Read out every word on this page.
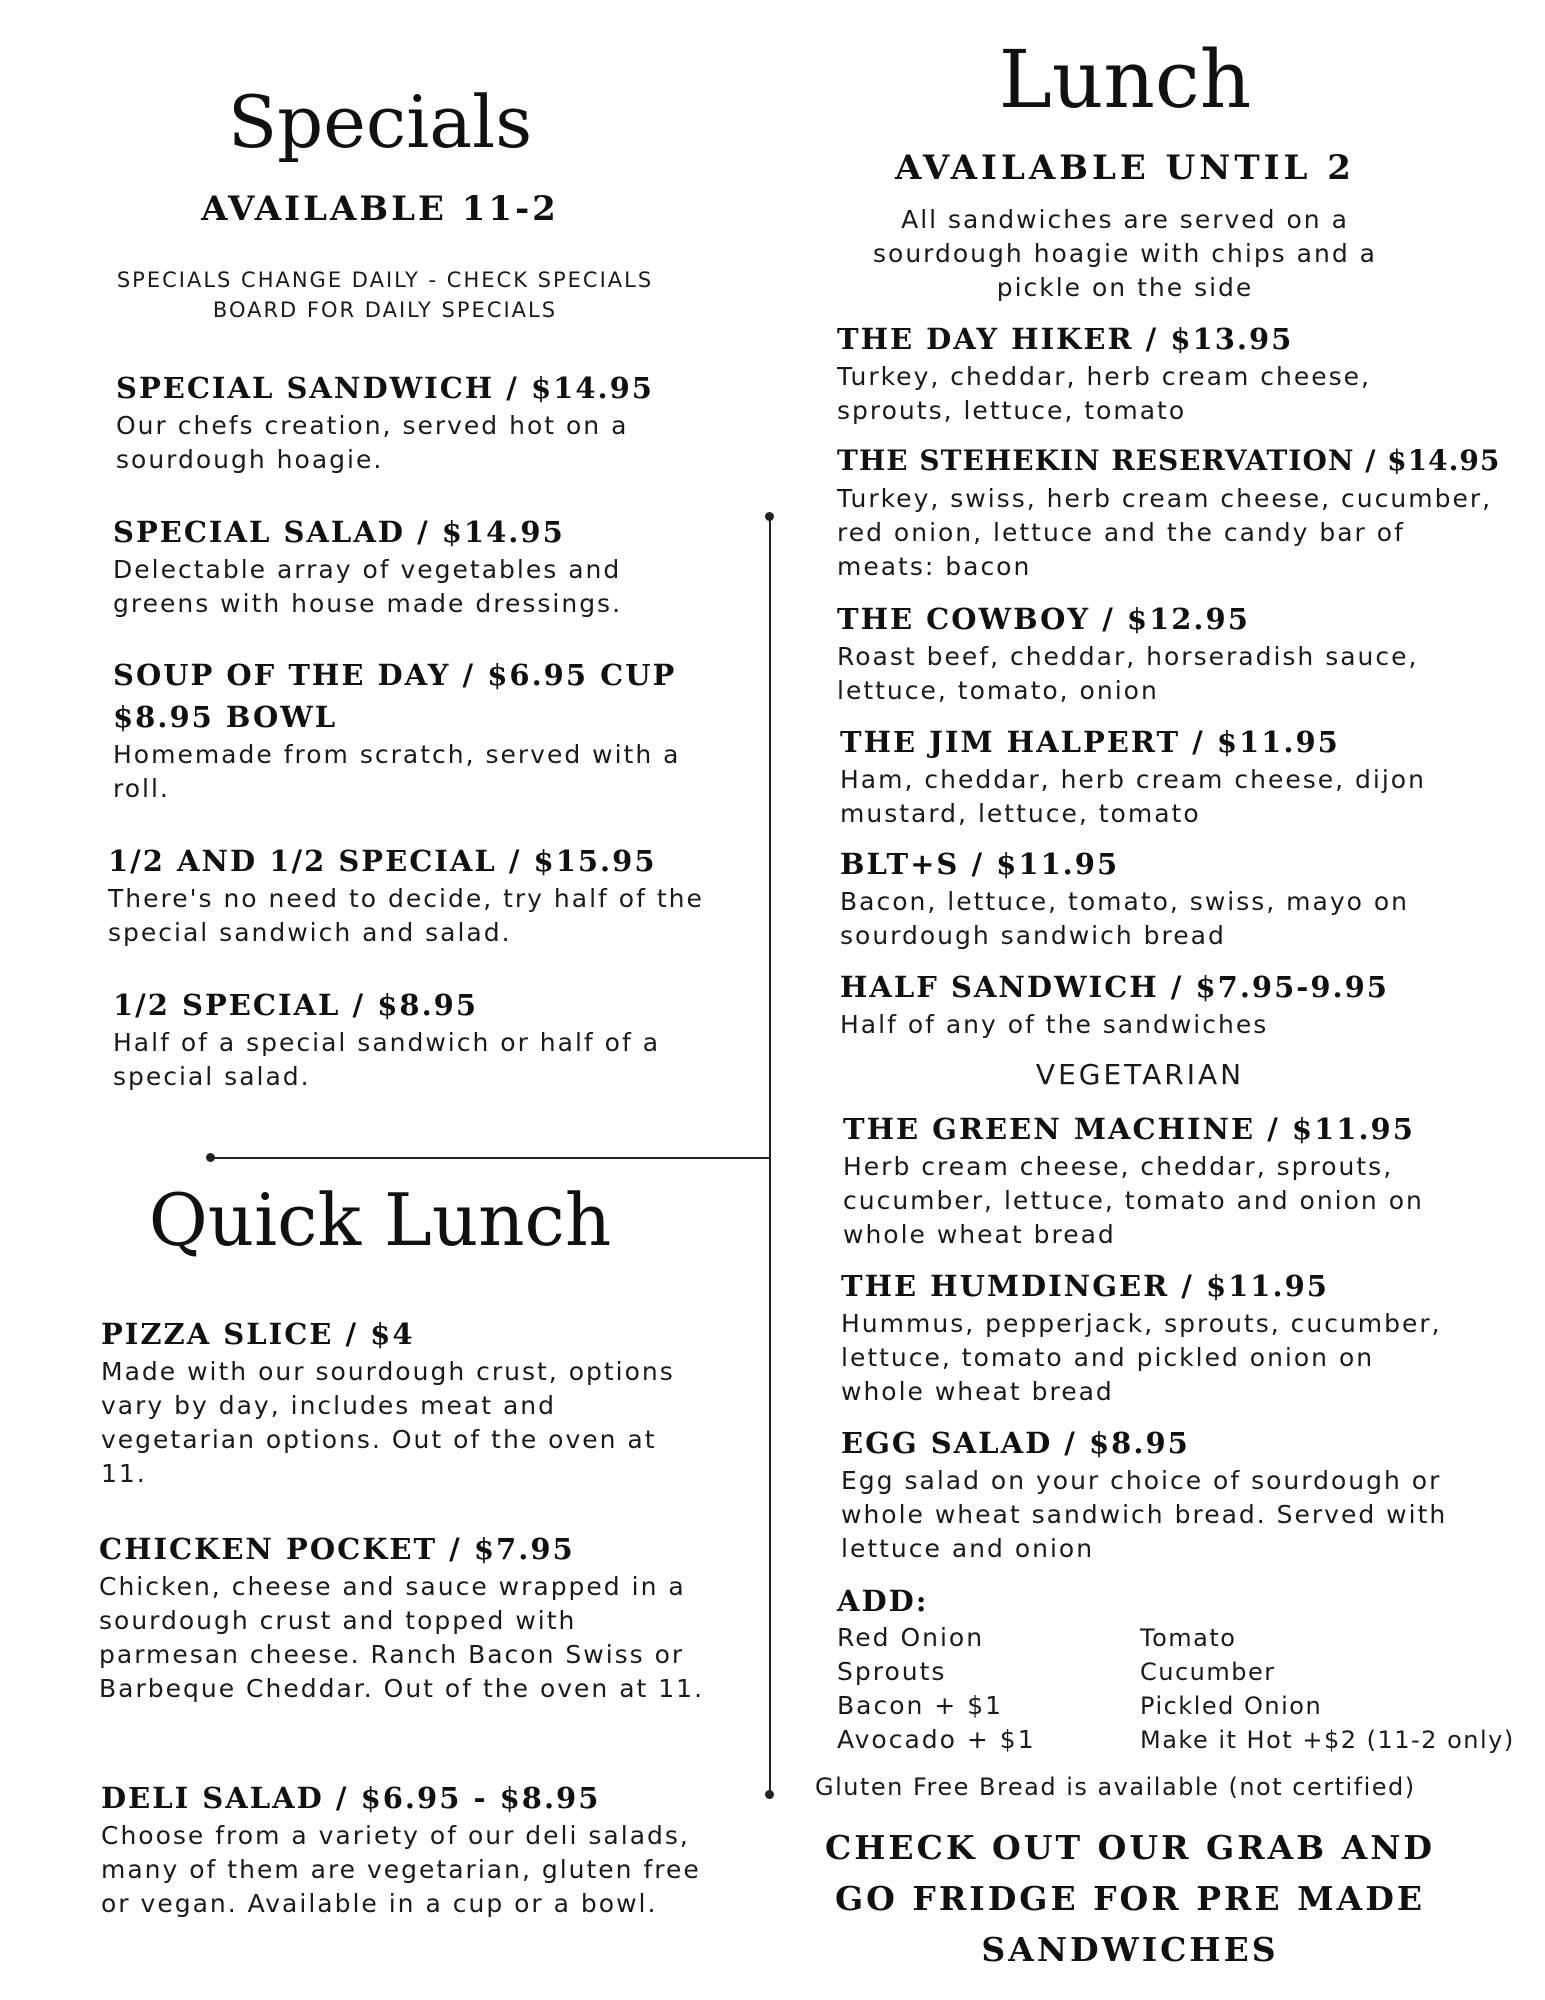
Specials
AVAILABLE 11-2
SPECIALS CHANGE DAILY - CHECK SPECIALS BOARD FOR DAILY SPECIALS
SPECIAL SANDWICH / $14.95
Our chefs creation, served hot on a sourdough hoagie.
SPECIAL SALAD / $14.95
Delectable array of vegetables and greens with house made dressings.
SOUP OF THE DAY / $6.95 CUP
$8.95 BOWL
Homemade from scratch, served with a roll.
1/2 AND 1/2 SPECIAL / $15.95
There's no need to decide, try half of the special sandwich and salad.
1/2 SPECIAL / $8.95
Half of a special sandwich or half of a special salad.
Quick Lunch
PIZZA SLICE / $4
Made with our sourdough crust, options vary by day, includes meat and vegetarian options. Out of the oven at 11.
CHICKEN POCKET / $7.95
Chicken, cheese and sauce wrapped in a sourdough crust and topped with parmesan cheese. Ranch Bacon Swiss or Barbeque Cheddar. Out of the oven at 11.
DELI SALAD / $6.95 - $8.95
Choose from a variety of our deli salads, many of them are vegetarian, gluten free or vegan. Available in a cup or a bowl.
Lunch
AVAILABLE UNTIL 2
All sandwiches are served on a sourdough hoagie with chips and a pickle on the side
THE DAY HIKER / $13.95
Turkey, cheddar, herb cream cheese, sprouts, lettuce, tomato
THE STEHEKIN RESERVATION / $14.95
Turkey, swiss, herb cream cheese, cucumber, red onion, lettuce and the candy bar of meats: bacon
THE COWBOY / $12.95
Roast beef, cheddar, horseradish sauce, lettuce, tomato, onion
THE JIM HALPERT / $11.95
Ham, cheddar, herb cream cheese, dijon mustard, lettuce, tomato
BLT+S / $11.95
Bacon, lettuce, tomato, swiss, mayo on sourdough sandwich bread
HALF SANDWICH / $7.95-9.95
Half of any of the sandwiches
VEGETARIAN
THE GREEN MACHINE / $11.95
Herb cream cheese, cheddar, sprouts, cucumber, lettuce, tomato and onion on whole wheat bread
THE HUMDINGER / $11.95
Hummus, pepperjack, sprouts, cucumber, lettuce, tomato and pickled onion on whole wheat bread
EGG SALAD / $8.95
Egg salad on your choice of sourdough or whole wheat sandwich bread. Served with lettuce and onion
ADD:
Red Onion
Sprouts
Bacon + $1
Avocado + $1
Tomato
Cucumber
Pickled Onion
Make it Hot +$2 (11-2 only)
Gluten Free Bread is available (not certified)
CHECK OUT OUR GRAB AND GO FRIDGE FOR PRE MADE SANDWICHES
